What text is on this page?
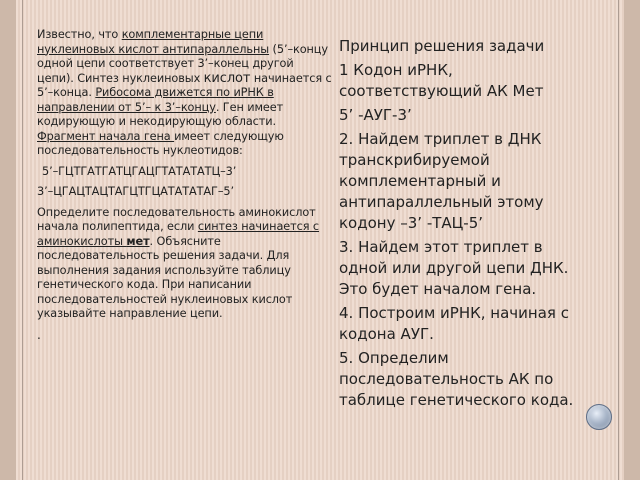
Известно, что комплементарные цепи нуклеиновых кислот антипараллельны (5’–концу одной цепи соответствует 3’–конец другой цепи). Синтез нуклеиновых кислот начинается с 5’–конца. Рибосома движется по иРНК в направлении от 5’– к 3’–концу. Ген имеет кодирующую и некодирующую области. Фрагмент начала гена имеет следующую последовательность нуклеотидов:

5’–ГЦТГАТГАТЦГАЦГТАТАТАТЦ–3’

3’–ЦГАЦТАЦТАГЦТГЦАТАТАТАГ–5’

Определите последовательность аминокислот начала полипептида, если синтез начинается с аминокислоты мет. Объясните последовательность решения задачи. Для выполнения задания используйте таблицу генетического кода. При написании последовательностей нуклеиновых кислот указывайте направление цепи.

.

Принцип решения задачи
1 Кодон иРНК, соответствующий АК Мет
5’ -АУГ-3’
2. Найдем триплет в ДНК транскрибируемой комплементарный и антипараллельный этому кодону –3’ -ТАЦ-5’
3. Найдем этот триплет в одной или другой цепи ДНК. Это будет началом гена.
4. Построим иРНК, начиная с кодона АУГ.
5. Определим последовательность АК по таблице генетического кода.
